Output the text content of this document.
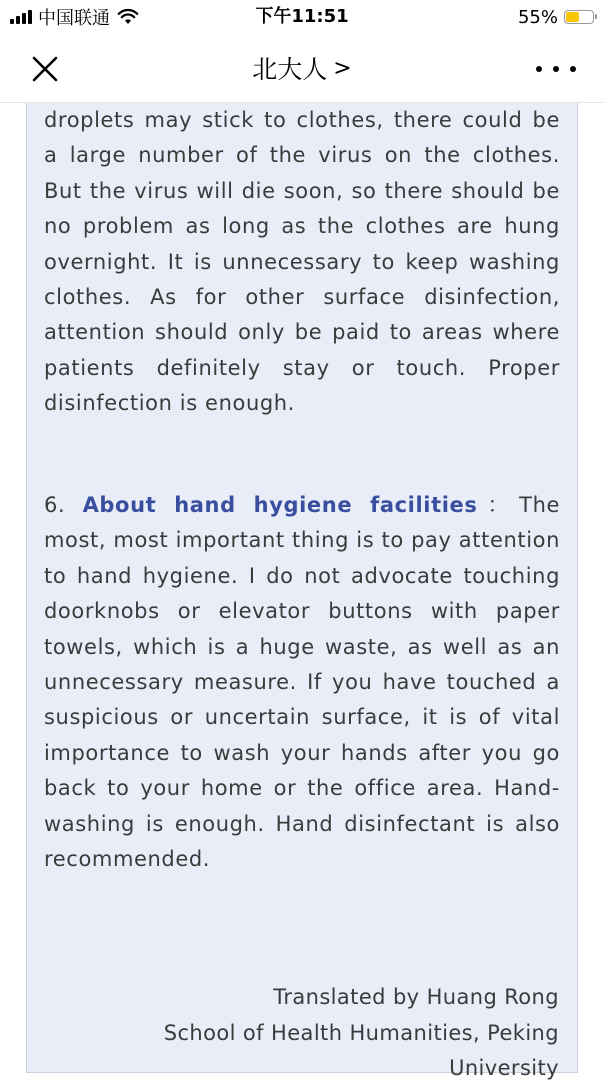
中国联通	下午11:51	55%
北大人 >
droplets may stick to clothes, there could be a large number of the virus on the clothes. But the virus will die soon, so there should be no problem as long as the clothes are hung overnight. It is unnecessary to keep washing clothes. As for other surface disinfection, attention should only be paid to areas where patients definitely stay or touch. Proper disinfection is enough.
6. About hand hygiene facilities：The most, most important thing is to pay attention to hand hygiene. I do not advocate touching doorknobs or elevator buttons with paper towels, which is a huge waste, as well as an unnecessary measure. If you have touched a suspicious or uncertain surface, it is of vital importance to wash your hands after you go back to your home or the office area. Hand-washing is enough. Hand disinfectant is also recommended.
Translated by Huang Rong
School of Health Humanities, Peking University
